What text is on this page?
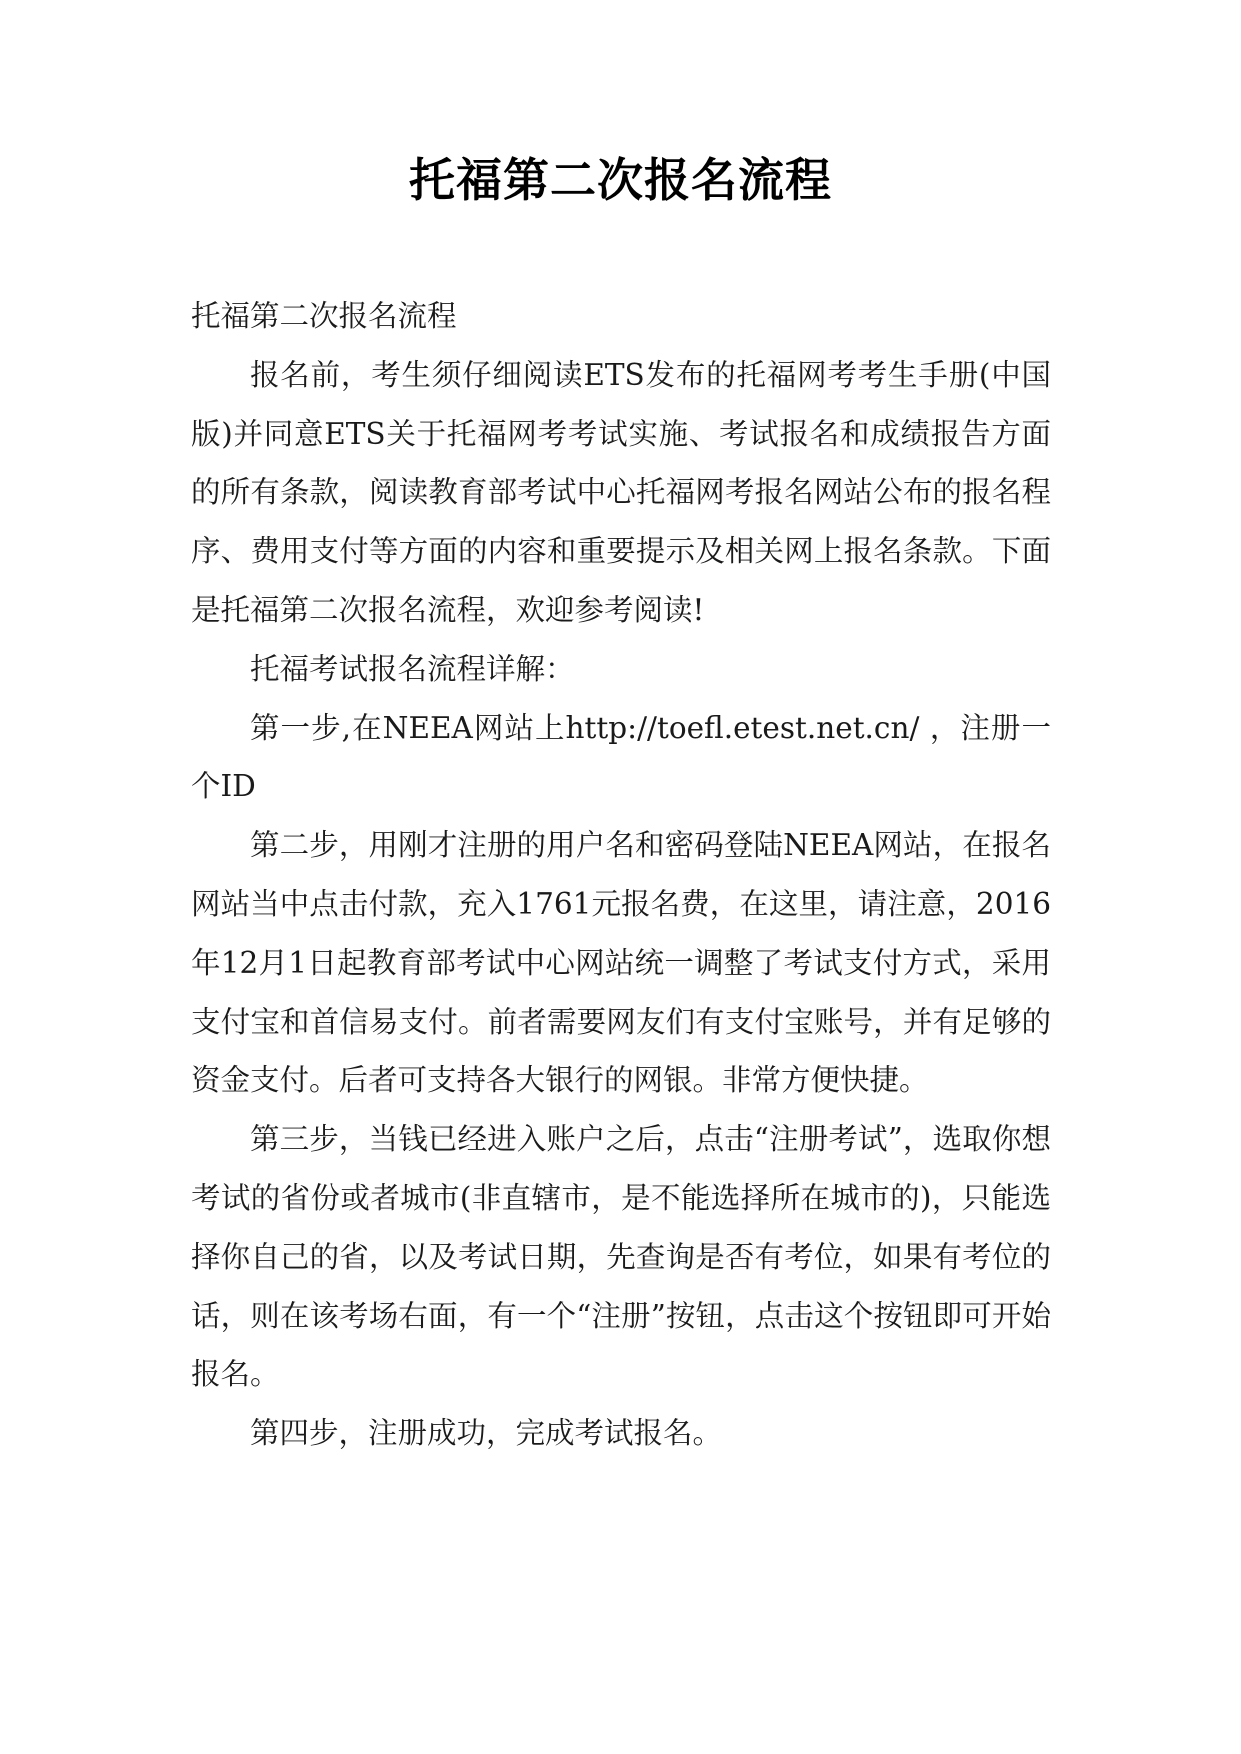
托福第二次报名流程

托福第二次报名流程

报名前，考生须仔细阅读ETS发布的托福网考考生手册(中国版)并同意ETS关于托福网考考试实施、考试报名和成绩报告方面的所有条款，阅读教育部考试中心托福网考报名网站公布的报名程序、费用支付等方面的内容和重要提示及相关网上报名条款。下面是托福第二次报名流程，欢迎参考阅读!

托福考试报名流程详解：

第一步,在NEEA网站上http://toefl.etest.net.cn/ ，注册一个ID

第二步，用刚才注册的用户名和密码登陆NEEA网站，在报名网站当中点击付款，充入1761元报名费，在这里，请注意，2016年12月1日起教育部考试中心网站统一调整了考试支付方式，采用支付宝和首信易支付。前者需要网友们有支付宝账号，并有足够的资金支付。后者可支持各大银行的网银。非常方便快捷。

第三步，当钱已经进入账户之后，点击“注册考试”，选取你想考试的省份或者城市(非直辖市，是不能选择所在城市的)，只能选择你自己的省，以及考试日期，先查询是否有考位，如果有考位的话，则在该考场右面，有一个“注册”按钮，点击这个按钮即可开始报名。

第四步，注册成功，完成考试报名。
